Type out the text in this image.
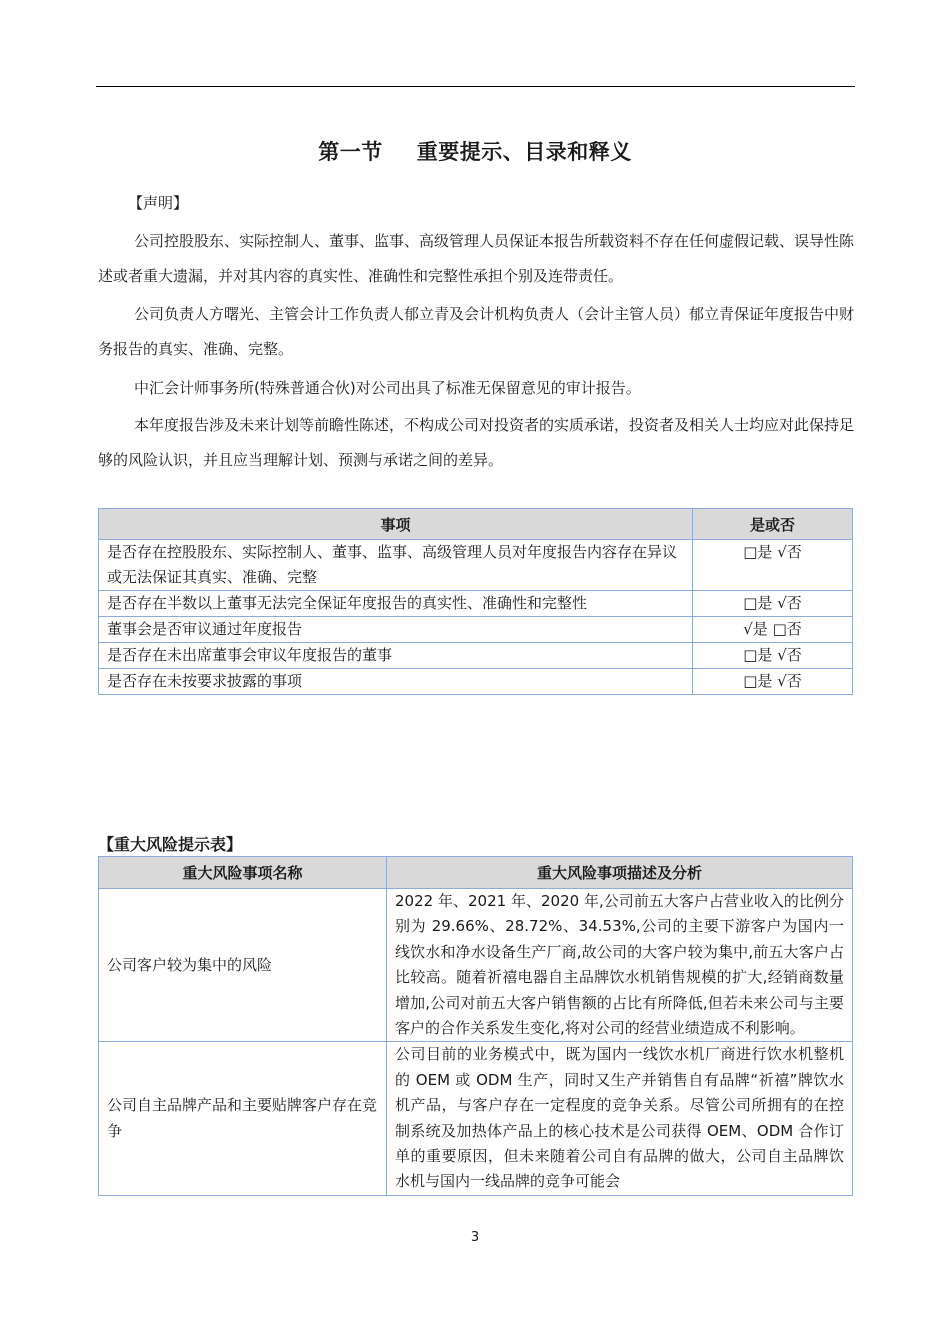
第一节 重要提示、目录和释义
【声明】
公司控股股东、实际控制人、董事、监事、高级管理人员保证本报告所载资料不存在任何虚假记载、误导性陈述或者重大遗漏，并对其内容的真实性、准确性和完整性承担个别及连带责任。
公司负责人方曙光、主管会计工作负责人郁立青及会计机构负责人（会计主管人员）郁立青保证年度报告中财务报告的真实、准确、完整。
中汇会计师事务所(特殊普通合伙)对公司出具了标准无保留意见的审计报告。
本年度报告涉及未来计划等前瞻性陈述，不构成公司对投资者的实质承诺，投资者及相关人士均应对此保持足够的风险认识，并且应当理解计划、预测与承诺之间的差异。
事项	是或否
是否存在控股股东、实际控制人、董事、监事、高级管理人员对年度报告内容存在异议或无法保证其真实、准确、完整	□是 √否
是否存在半数以上董事无法完全保证年度报告的真实性、准确性和完整性	□是 √否
董事会是否审议通过年度报告	√是 □否
是否存在未出席董事会审议年度报告的董事	□是 √否
是否存在未按要求披露的事项	□是 √否
【重大风险提示表】
重大风险事项名称	重大风险事项描述及分析
公司客户较为集中的风险	2022 年、2021 年、2020 年,公司前五大客户占营业收入的比例分别为 29.66%、28.72%、34.53%,公司的主要下游客户为国内一线饮水和净水设备生产厂商,故公司的大客户较为集中,前五大客户占比较高。随着祈禧电器自主品牌饮水机销售规模的扩大,经销商数量增加,公司对前五大客户销售额的占比有所降低,但若未来公司与主要客户的合作关系发生变化,将对公司的经营业绩造成不利影响。
公司自主品牌产品和主要贴牌客户存在竞争	公司目前的业务模式中，既为国内一线饮水机厂商进行饮水机整机的 OEM 或 ODM 生产，同时又生产并销售自有品牌“祈禧”牌饮水机产品，与客户存在一定程度的竞争关系。尽管公司所拥有的在控制系统及加热体产品上的核心技术是公司获得 OEM、ODM 合作订单的重要原因，但未来随着公司自有品牌的做大，公司自主品牌饮水机与国内一线品牌的竞争可能会
3
